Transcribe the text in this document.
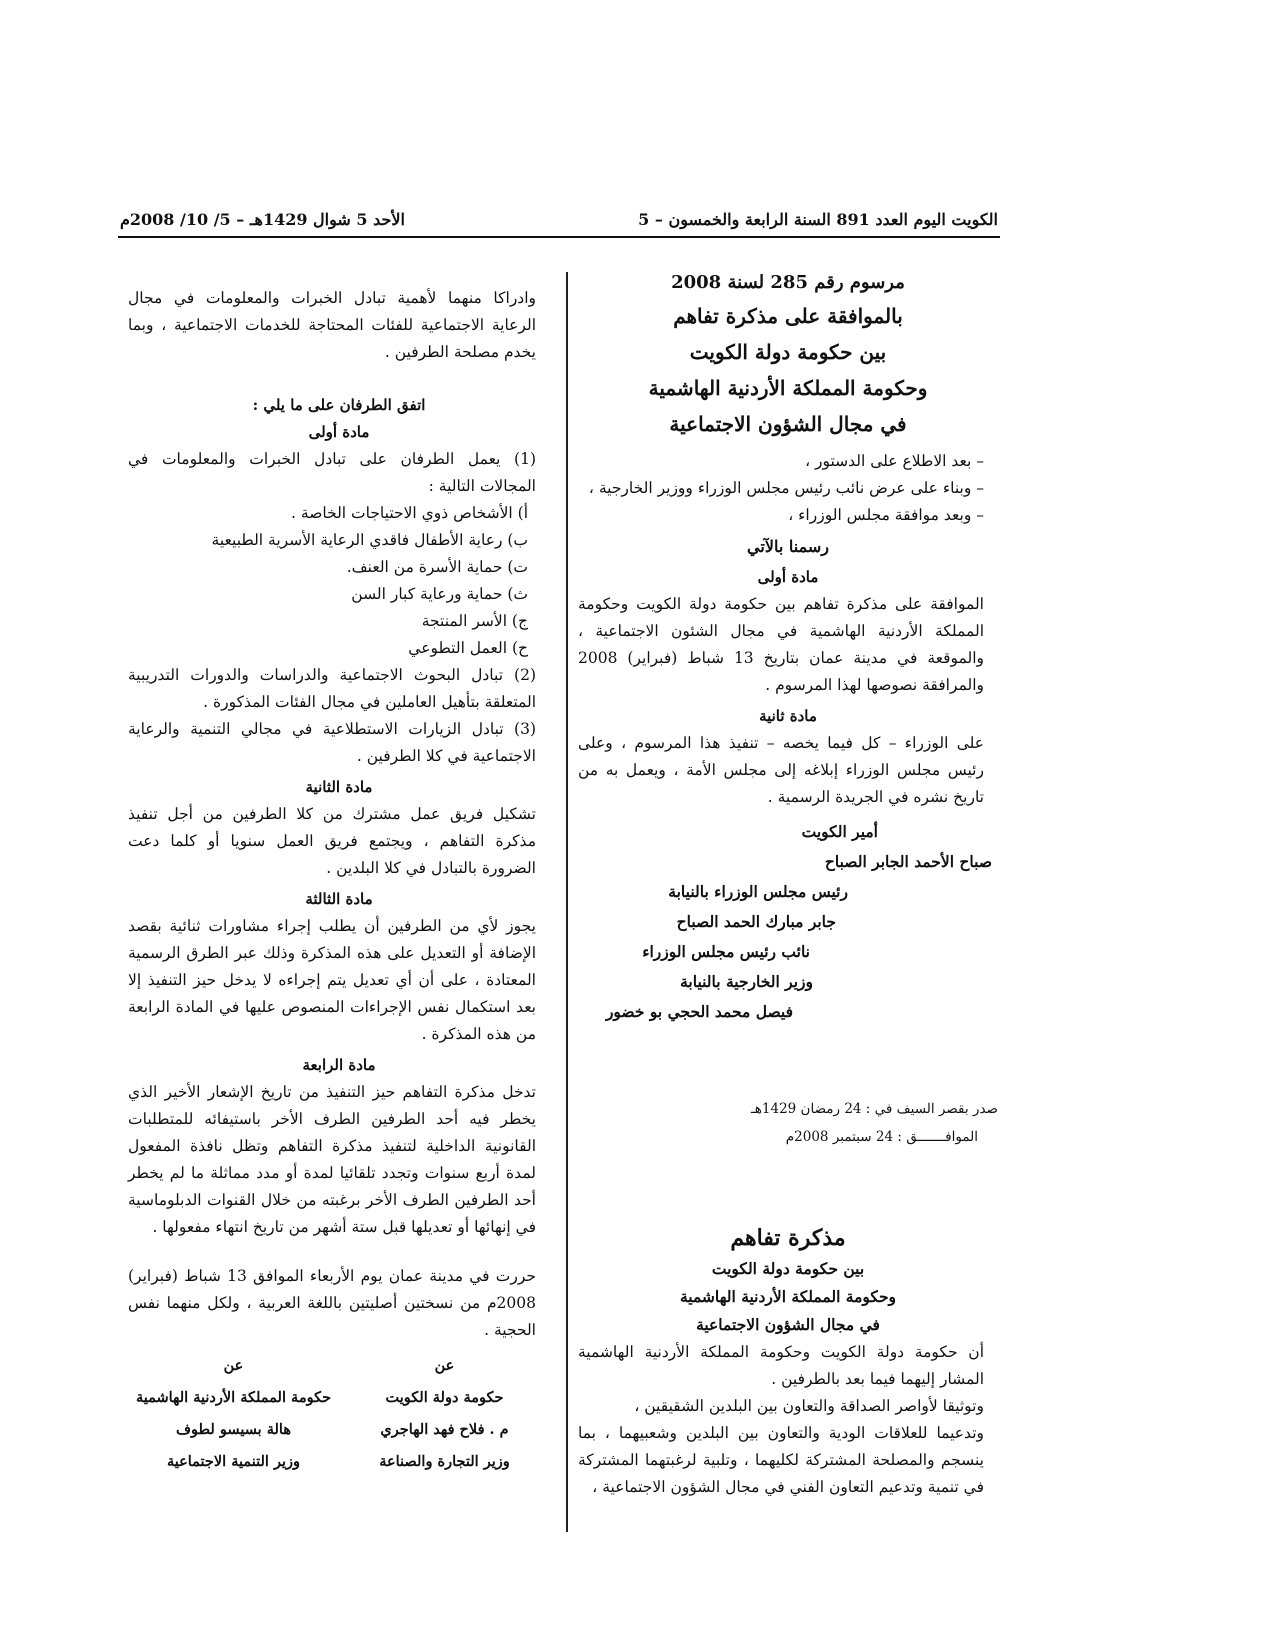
الكويت اليوم العدد 891 السنة الرابعة والخمسون – 5
الأحد 5 شوال 1429هـ – 5/ 10/ 2008م
مرسوم رقم 285 لسنة 2008
بالموافقة على مذكرة تفاهم
بين حكومة دولة الكويت
وحكومة المملكة الأردنية الهاشمية
في مجال الشؤون الاجتماعية

– بعد الاطلاع على الدستور ،

– وبناء على عرض نائب رئيس مجلس الوزراء ووزير الخارجية ،

– وبعد موافقة مجلس الوزراء ،

رسمنا بالآتي

مادة أولى

الموافقة على مذكرة تفاهم بين حكومة دولة الكويت وحكومة المملكة الأردنية الهاشمية في مجال الشئون الاجتماعية ، والموقعة في مدينة عمان بتاريخ 13 شباط (فبراير) 2008 والمرافقة نصوصها لهذا المرسوم .

مادة ثانية

على الوزراء – كل فيما يخصه – تنفيذ هذا المرسوم ، وعلى رئيس مجلس الوزراء إبلاغه إلى مجلس الأمة ، ويعمل به من تاريخ نشره في الجريدة الرسمية .

أمير الكويت

صباح الأحمد الجابر الصباح

رئيس مجلس الوزراء بالنيابة

جابر مبارك الحمد الصباح

نائب رئيس مجلس الوزراء

وزير الخارجية بالنيابة

فيصل محمد الحجي بو خضور

صدر بقصر السيف في : 24 رمضان 1429هـ

الموافـــــــق : 24 سبتمبر 2008م

مذكرة تفاهم
بين حكومة دولة الكويت
وحكومة المملكة الأردنية الهاشمية
في مجال الشؤون الاجتماعية

أن حكومة دولة الكويت وحكومة المملكة الأردنية الهاشمية المشار إليهما فيما بعد بالطرفين .

وتوثيقا لأواصر الصداقة والتعاون بين البلدين الشقيقين ،

وتدعيما للعلاقات الودية والتعاون بين البلدين وشعبيهما ، بما ينسجم والمصلحة المشتركة لكليهما ، وتلبية لرغبتهما المشتركة في تنمية وتدعيم التعاون الفني في مجال الشؤون الاجتماعية ،

وادراكا منهما لأهمية تبادل الخبرات والمعلومات في مجال الرعاية الاجتماعية للفئات المحتاجة للخدمات الاجتماعية ، وبما يخدم مصلحة الطرفين .

اتفق الطرفان على ما يلي :

مادة أولى

(1) يعمل الطرفان على تبادل الخبرات والمعلومات في المجالات التالية :

أ) الأشخاص ذوي الاحتياجات الخاصة .

ب) رعاية الأطفال فاقدي الرعاية الأسرية الطبيعية

ت) حماية الأسرة من العنف.

ث) حماية ورعاية كبار السن

ج) الأسر المنتجة

ح) العمل التطوعي

(2) تبادل البحوث الاجتماعية والدراسات والدورات التدريبية المتعلقة بتأهيل العاملين في مجال الفئات المذكورة .

(3) تبادل الزيارات الاستطلاعية في مجالي التنمية والرعاية الاجتماعية في كلا الطرفين .

مادة الثانية

تشكيل فريق عمل مشترك من كلا الطرفين من أجل تنفيذ مذكرة التفاهم ، ويجتمع فريق العمل سنويا أو كلما دعت الضرورة بالتبادل في كلا البلدين .

مادة الثالثة

يجوز لأي من الطرفين أن يطلب إجراء مشاورات ثنائية بقصد الإضافة أو التعديل على هذه المذكرة وذلك عبر الطرق الرسمية المعتادة ، على أن أي تعديل يتم إجراءه لا يدخل حيز التنفيذ إلا بعد استكمال نفس الإجراءات المنصوص عليها في المادة الرابعة من هذه المذكرة .

مادة الرابعة

تدخل مذكرة التفاهم حيز التنفيذ من تاريخ الإشعار الأخير الذي يخطر فيه أحد الطرفين الطرف الأخر باستيفائه للمتطلبات القانونية الداخلية لتنفيذ مذكرة التفاهم وتظل نافذة المفعول لمدة أربع سنوات وتجدد تلقائيا لمدة أو مدد مماثلة ما لم يخطر أحد الطرفين الطرف الأخر برغبته من خلال القنوات الدبلوماسية في إنهائها أو تعديلها قبل ستة أشهر من تاريخ انتهاء مفعولها .

حررت في مدينة عمان يوم الأربعاء الموافق 13 شباط (فبراير) 2008م من نسختين أصليتين باللغة العربية ، ولكل منهما نفس الحجية .

عن	عن
حكومة دولة الكويت	حكومة المملكة الأردنية الهاشمية
م . فلاح فهد الهاجري	هالة بسيسو لطوف
وزير التجارة والصناعة	وزير التنمية الاجتماعية
